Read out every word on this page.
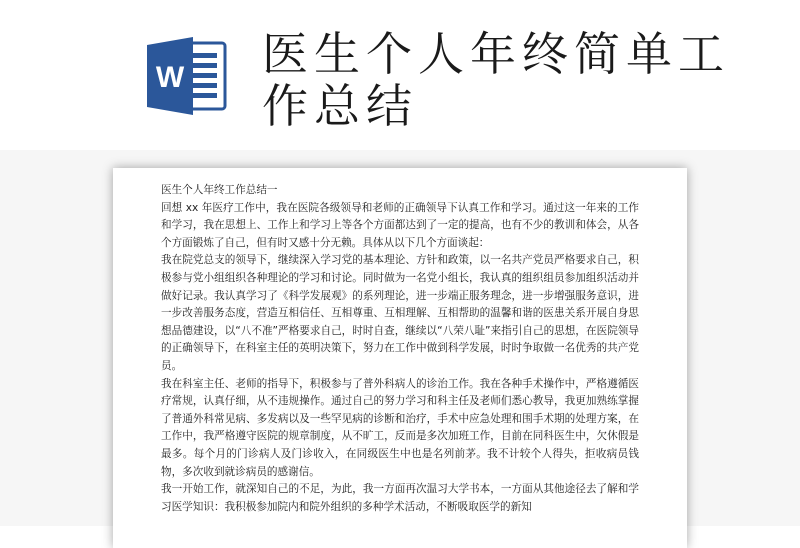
W 医生个人年终简单工作总结

医生个人年终工作总结一

回想 xx 年医疗工作中，我在医院各级领导和老师的正确领导下认真工作和学习。通过这一年来的工作和学习，我在思想上、工作上和学习上等各个方面都达到了一定的提高，也有不少的教训和体会，从各个方面锻炼了自己，但有时又感十分无赖。具体从以下几个方面谈起：

我在院党总支的领导下，继续深入学习党的基本理论、方针和政策，以一名共产党员严格要求自己，积极参与党小组组织各种理论的学习和讨论。同时做为一名党小组长，我认真的组织组员参加组织活动并做好记录。我认真学习了《科学发展观》的系列理论，进一步端正服务理念，进一步增强服务意识，进一步改善服务态度，营造互相信任、互相尊重、互相理解、互相帮助的温馨和谐的医患关系开展自身思想品德建设，以“八不准”严格要求自己，时时自查，继续以“八荣八耻”来指引自己的思想，在医院领导的正确领导下，在科室主任的英明决策下，努力在工作中做到科学发展，时时争取做一名优秀的共产党员。

我在科室主任、老师的指导下，积极参与了普外科病人的诊治工作。我在各种手术操作中，严格遵循医疗常规，认真仔细，从不违规操作。通过自己的努力学习和科主任及老师们悉心教导，我更加熟练掌握了普通外科常见病、多发病以及一些罕见病的诊断和治疗，手术中应急处理和围手术期的处理方案，在工作中，我严格遵守医院的规章制度，从不旷工，反而是多次加班工作，目前在同科医生中，欠休假是最多。每个月的门诊病人及门诊收入，在同级医生中也是名列前茅。我不计较个人得失，拒收病员钱物，多次收到就诊病员的感谢信。

我一开始工作，就深知自己的不足，为此，我一方面再次温习大学书本，一方面从其他途径去了解和学习医学知识：我积极参加院内和院外组织的多种学术活动，不断吸取医学的新知
